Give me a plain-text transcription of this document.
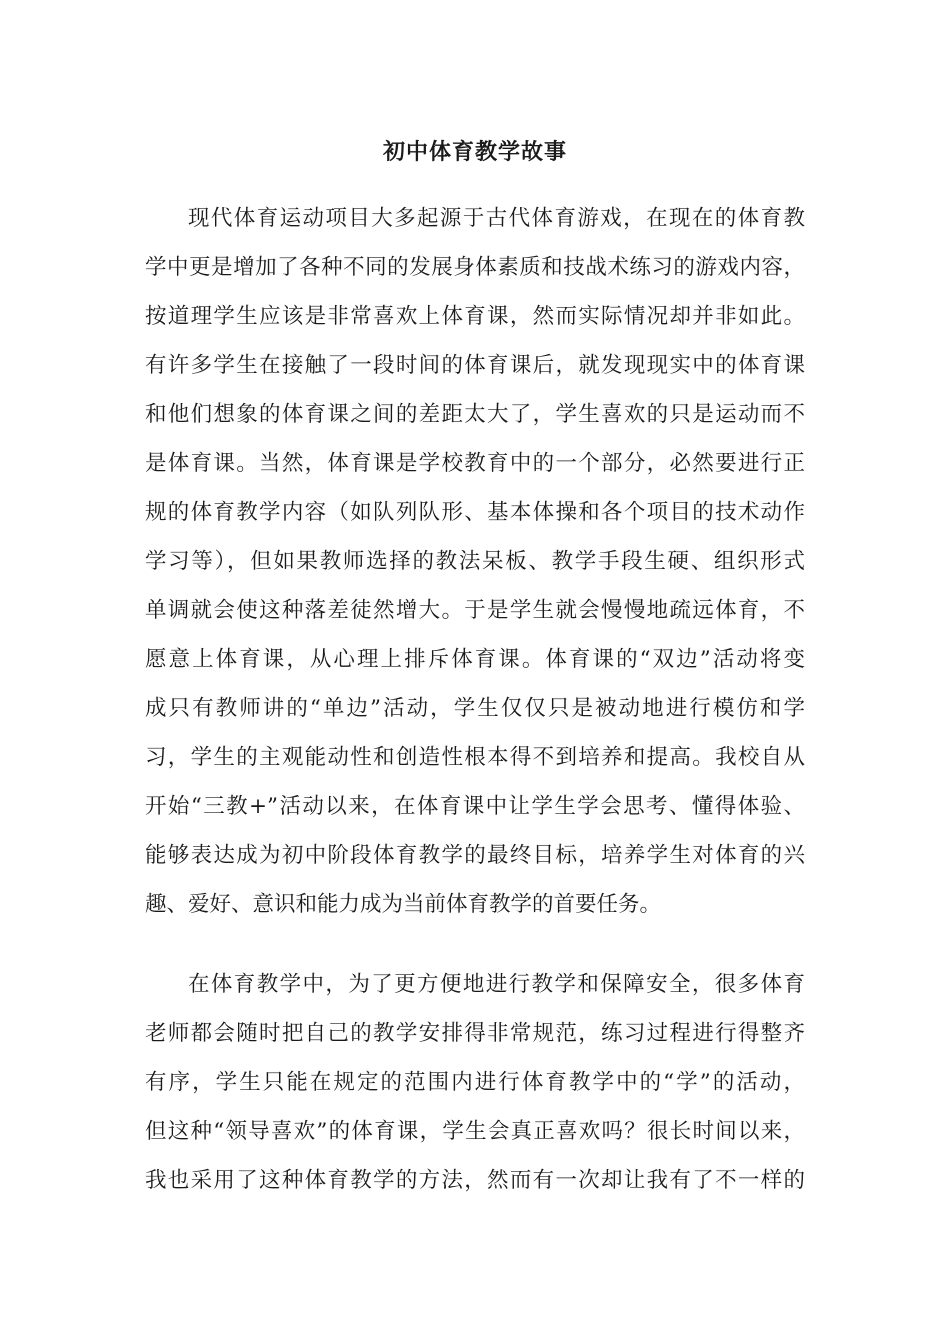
初中体育教学故事
现代体育运动项目大多起源于古代体育游戏，在现在的体育教
学中更是增加了各种不同的发展身体素质和技战术练习的游戏内容，
按道理学生应该是非常喜欢上体育课，然而实际情况却并非如此。
有许多学生在接触了一段时间的体育课后，就发现现实中的体育课
和他们想象的体育课之间的差距太大了，学生喜欢的只是运动而不
是体育课。当然，体育课是学校教育中的一个部分，必然要进行正
规的体育教学内容（如队列队形、基本体操和各个项目的技术动作
学习等），但如果教师选择的教法呆板、教学手段生硬、组织形式
单调就会使这种落差徒然增大。于是学生就会慢慢地疏远体育，不
愿意上体育课，从心理上排斥体育课。体育课的“双边”活动将变
成只有教师讲的“单边”活动，学生仅仅只是被动地进行模仿和学
习，学生的主观能动性和创造性根本得不到培养和提高。我校自从
开始“三教+”活动以来，在体育课中让学生学会思考、懂得体验、
能够表达成为初中阶段体育教学的最终目标，培养学生对体育的兴
趣、爱好、意识和能力成为当前体育教学的首要任务。
在体育教学中，为了更方便地进行教学和保障安全，很多体育
老师都会随时把自己的教学安排得非常规范，练习过程进行得整齐
有序，学生只能在规定的范围内进行体育教学中的“学”的活动，
但这种“领导喜欢”的体育课，学生会真正喜欢吗？很长时间以来，
我也采用了这种体育教学的方法，然而有一次却让我有了不一样的
